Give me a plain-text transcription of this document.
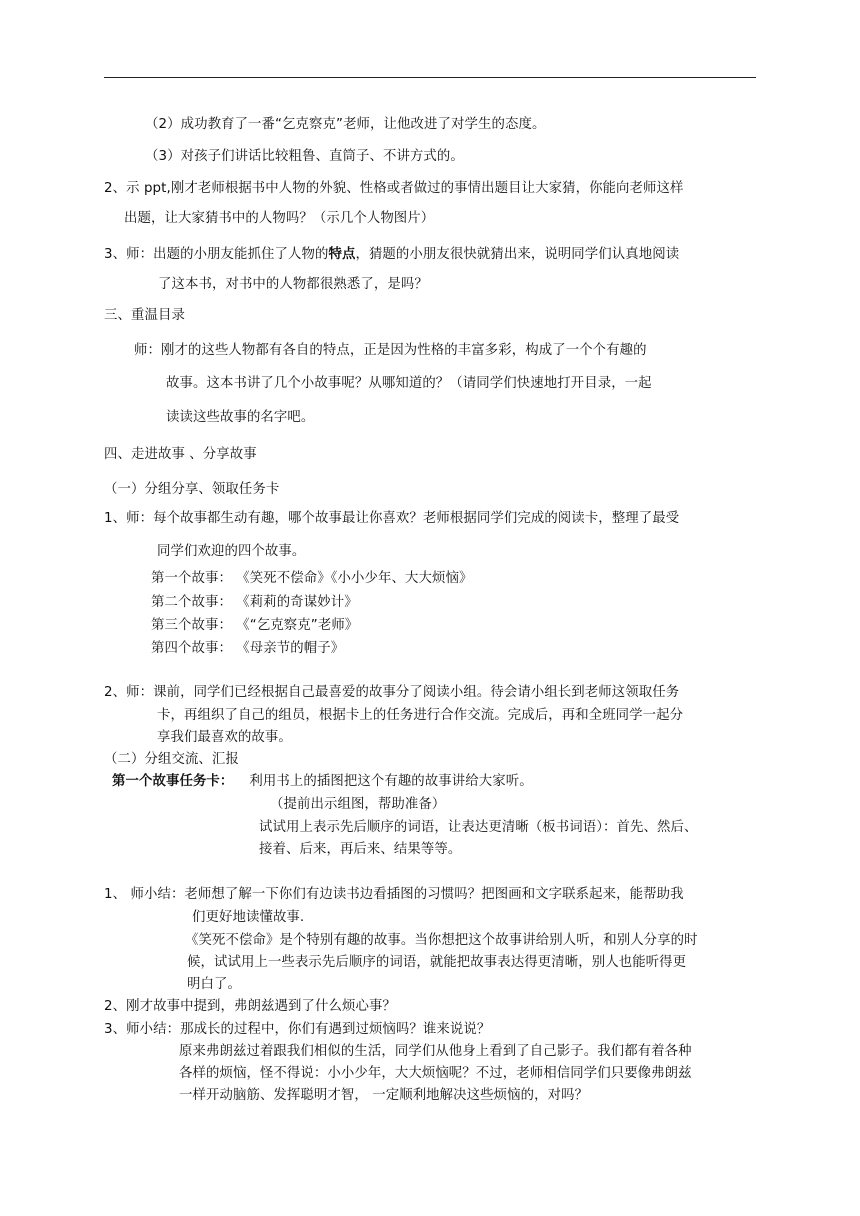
（2）成功教育了一番“乞克察克”老师，让他改进了对学生的态度。
（3）对孩子们讲话比较粗鲁、直筒子、不讲方式的。
2、示 ppt,刚才老师根据书中人物的外貌、性格或者做过的事情出题目让大家猜，你能向老师这样
出题，让大家猜书中的人物吗？（示几个人物图片）
3、师：出题的小朋友能抓住了人物的特点，猜题的小朋友很快就猜出来，说明同学们认真地阅读
了这本书，对书中的人物都很熟悉了，是吗？
三、重温目录
师：刚才的这些人物都有各自的特点，正是因为性格的丰富多彩，构成了一个个有趣的
故事。这本书讲了几个小故事呢？从哪知道的？（请同学们快速地打开目录，一起
读读这些故事的名字吧。
四、走进故事 、分享故事
（一）分组分享、领取任务卡
1、师：每个故事都生动有趣，哪个故事最让你喜欢？老师根据同学们完成的阅读卡，整理了最受
同学们欢迎的四个故事。
第一个故事： 《笑死不偿命》《小小少年、大大烦恼》
第二个故事： 《莉莉的奇谋妙计》
第三个故事： 《“乞克察克”老师》
第四个故事： 《母亲节的帽子》
2、师：课前，同学们已经根据自己最喜爱的故事分了阅读小组。待会请小组长到老师这领取任务
卡，再组织了自己的组员，根据卡上的任务进行合作交流。完成后，再和全班同学一起分
享我们最喜欢的故事。
（二）分组交流、汇报
第一个故事任务卡： 利用书上的插图把这个有趣的故事讲给大家听。
（提前出示组图，帮助准备）
试试用上表示先后顺序的词语，让表达更清晰（板书词语）：首先、然后、
接着、后来，再后来、结果等等。
1、 师小结：老师想了解一下你们有边读书边看插图的习惯吗？把图画和文字联系起来，能帮助我
们更好地读懂故事.
《笑死不偿命》是个特别有趣的故事。当你想把这个故事讲给别人听，和别人分享的时
候，试试用上一些表示先后顺序的词语，就能把故事表达得更清晰，别人也能听得更
明白了。
2、刚才故事中提到，弗朗兹遇到了什么烦心事？
3、师小结：那成长的过程中，你们有遇到过烦恼吗？谁来说说？
原来弗朗兹过着跟我们相似的生活，同学们从他身上看到了自己影子。我们都有着各种
各样的烦恼，怪不得说：小小少年，大大烦恼呢？不过，老师相信同学们只要像弗朗兹
一样开动脑筋、发挥聪明才智， 一定顺利地解决这些烦恼的，对吗？
